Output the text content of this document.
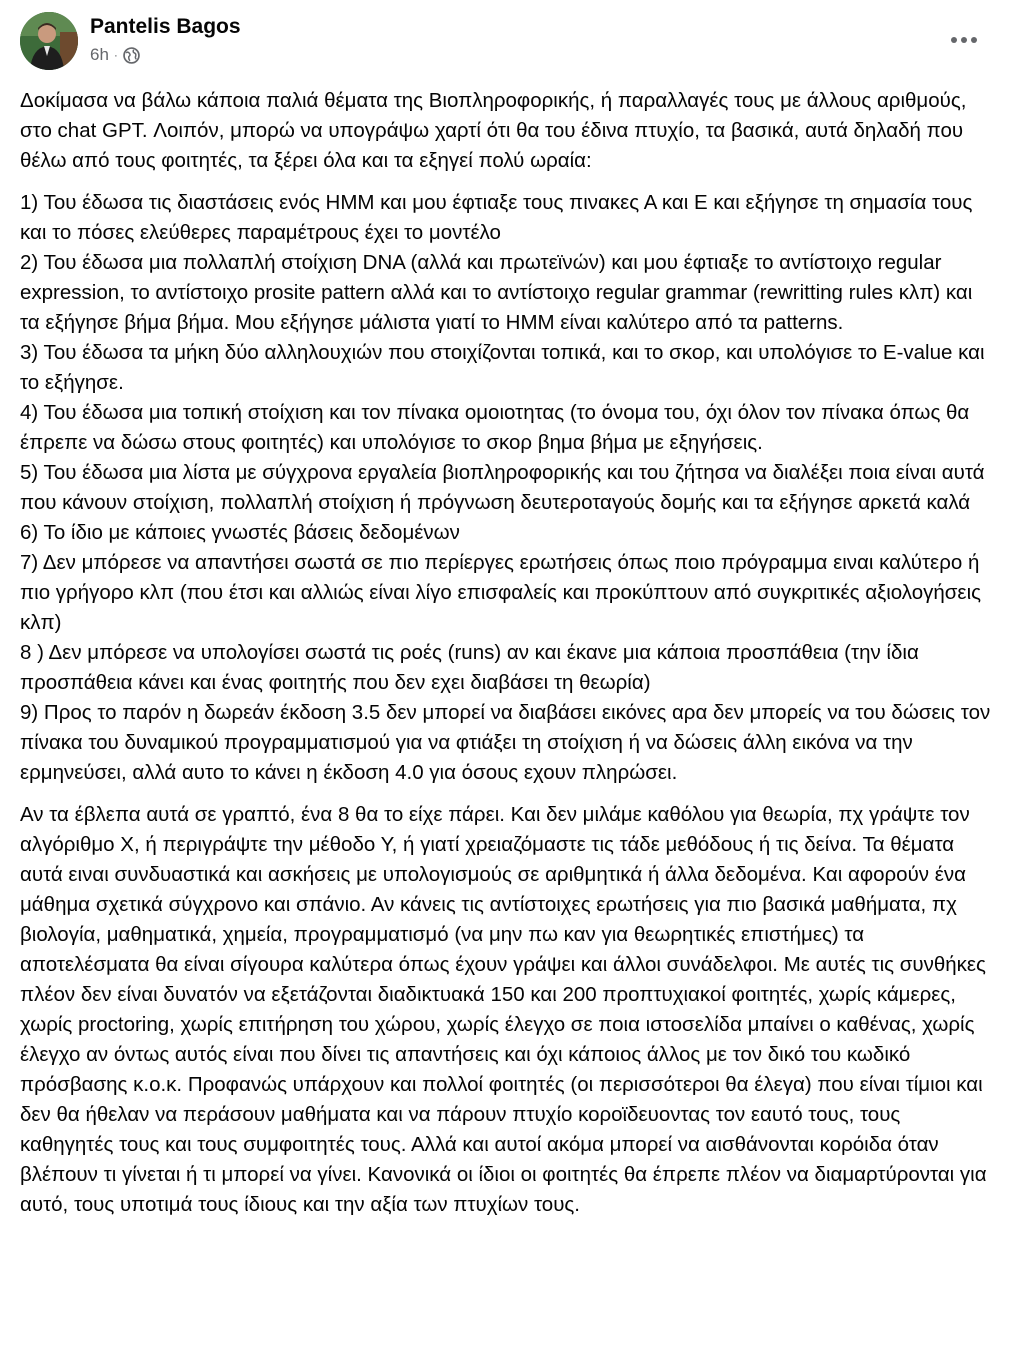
Pantelis Bagos
6h ·

Δοκίμασα να βάλω κάποια παλιά θέματα της Βιοπληροφορικής, ή παραλλαγές τους με άλλους αριθμούς, στο chat GPT. Λοιπόν, μπορώ να υπογράψω χαρτί ότι θα του έδινα πτυχίο, τα βασικά, αυτά δηλαδή που θέλω από τους φοιτητές, τα ξέρει όλα και τα εξηγεί πολύ ωραία:

1) Του έδωσα τις διαστάσεις ενός HMM και μου έφτιαξε τους πινακες Α και Ε και εξήγησε τη σημασία τους και το πόσες ελεύθερες παραμέτρους έχει το μοντέλο
2) Του έδωσα μια πολλαπλή στοίχιση DNA (αλλά και πρωτεϊνών) και μου έφτιαξε το αντίστοιχο regular expression, το αντίστοιχο prosite pattern αλλά και το αντίστοιχο regular grammar (rewritting rules κλπ) και τα εξήγησε βήμα βήμα. Μου εξήγησε μάλιστα γιατί το HMM είναι καλύτερο από τα patterns.
3) Του έδωσα τα μήκη δύο αλληλουχιών που στοιχίζονται τοπικά, και το σκορ, και υπολόγισε το E-value και το εξήγησε.
4) Του έδωσα μια τοπική στοίχιση και τον πίνακα ομοιοτητας (το όνομα του, όχι όλον τον πίνακα όπως θα έπρεπε να δώσω στους φοιτητές) και υπολόγισε το σκορ βημα βήμα με εξηγήσεις.
5) Του έδωσα μια λίστα με σύγχρονα εργαλεία βιοπληροφορικής και του ζήτησα να διαλέξει ποια είναι αυτά που κάνουν στοίχιση, πολλαπλή στοίχιση ή πρόγνωση δευτεροταγούς δομής και τα εξήγησε αρκετά καλά
6) Το ίδιο με κάποιες γνωστές βάσεις δεδομένων
7) Δεν μπόρεσε να απαντήσει σωστά σε πιο περίεργες ερωτήσεις όπως ποιο πρόγραμμα ειναι καλύτερο ή πιο γρήγορο κλπ (που έτσι και αλλιώς είναι λίγο επισφαλείς και προκύπτουν από συγκριτικές αξιολογήσεις κλπ)
8 ) Δεν μπόρεσε να υπολογίσει σωστά τις ροές (runs) αν και έκανε μια κάποια προσπάθεια (την ίδια προσπάθεια κάνει και ένας φοιτητής που δεν εχει διαβάσει τη θεωρία)
9) Προς το παρόν η δωρεάν έκδοση 3.5 δεν μπορεί να διαβάσει εικόνες αρα δεν μπορείς να του δώσεις τον πίνακα του δυναμικού προγραμματισμού για να φτιάξει τη στοίχιση ή να δώσεις άλλη εικόνα να την ερμηνεύσει, αλλά αυτο το κάνει η έκδοση 4.0 για όσους εχουν πληρώσει.

Αν τα έβλεπα αυτά σε γραπτό, ένα 8 θα το είχε πάρει. Και δεν μιλάμε καθόλου για θεωρία, πχ γράψτε τον αλγόριθμο Χ, ή περιγράψτε την μέθοδο Υ, ή γιατί χρειαζόμαστε τις τάδε μεθόδους ή τις δείνα. Τα θέματα αυτά ειναι συνδυαστικά και ασκήσεις με υπολογισμούς σε αριθμητικά ή άλλα δεδομένα. Και αφορούν ένα μάθημα σχετικά σύγχρονο και σπάνιο. Αν κάνεις τις αντίστοιχες ερωτήσεις για πιο βασικά μαθήματα, πχ βιολογία, μαθηματικά, χημεία, προγραμματισμό (να μην πω καν για θεωρητικές επιστήμες) τα αποτελέσματα θα είναι σίγουρα καλύτερα όπως έχουν γράψει και άλλοι συνάδελφοι. Με αυτές τις συνθήκες πλέον δεν είναι δυνατόν να εξετάζονται διαδικτυακά 150 και 200 προπτυχιακοί φοιτητές, χωρίς κάμερες, χωρίς proctoring, χωρίς επιτήρηση του χώρου, χωρίς έλεγχο σε ποια ιστοσελίδα μπαίνει ο καθένας, χωρίς έλεγχο αν όντως αυτός είναι που δίνει τις απαντήσεις και όχι κάποιος άλλος με τον δικό του κωδικό πρόσβασης κ.ο.κ. Προφανώς υπάρχουν και πολλοί φοιτητές (οι περισσότεροι θα έλεγα) που είναι τίμιοι και δεν θα ήθελαν να περάσουν μαθήματα και να πάρουν πτυχίο κοροϊδευοντας τον εαυτό τους, τους καθηγητές τους και τους συμφοιτητές τους. Αλλά και αυτοί ακόμα μπορεί να αισθάνονται κορόιδα όταν βλέπουν τι γίνεται ή τι μπορεί να γίνει. Κανονικά οι ίδιοι οι φοιτητές θα έπρεπε πλέον να διαμαρτύρονται για αυτό, τους υποτιμά τους ίδιους και την αξία των πτυχίων τους.
